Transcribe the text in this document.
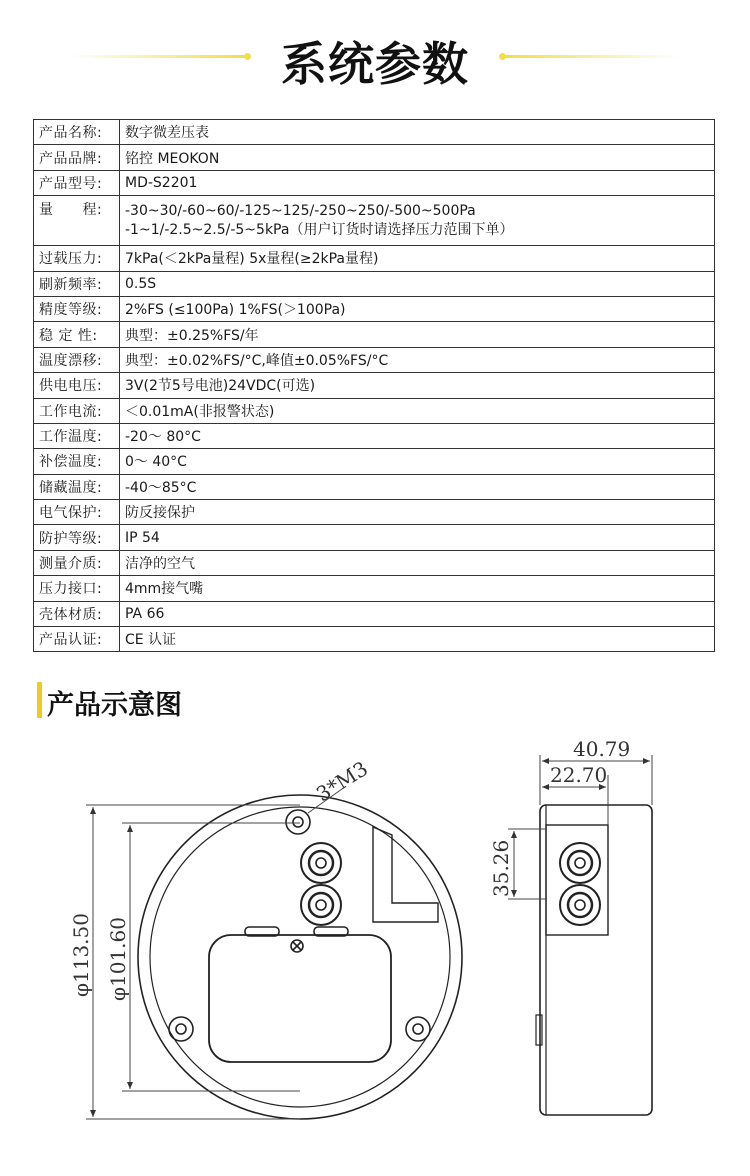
系统参数
产品名称:	数字微差压表
产品品牌:	铭控 MEOKON
产品型号:	MD-S2201
量　　程:	-30~30/-60~60/-125~125/-250~250/-500~500Pa
-1~1/-2.5~2.5/-5~5kPa（用户订货时请选择压力范围下单）

过载压力:	7kPa(＜2kPa量程) 5x量程(≥2kPa量程)
刷新频率:	0.5S
精度等级:	2%FS (≤100Pa) 1%FS(＞100Pa)
稳 定 性:	典型：±0.25%FS/年
温度漂移:	典型：±0.02%FS/°C,峰值±0.05%FS/°C
供电电压:	3V(2节5号电池)24VDC(可选)
工作电流:	＜0.01mA(非报警状态)
工作温度:	-20～ 80°C
补偿温度:	0～ 40°C
储藏温度:	-40～85°C
电气保护:	防反接保护
防护等级:	IP 54
测量介质:	洁净的空气
压力接口:	4mm接气嘴
壳体材质:	PA 66
产品认证:	CE 认证
产品示意图
φ113.50 φ101.60
3*M3
40.79
22.70
35.26
